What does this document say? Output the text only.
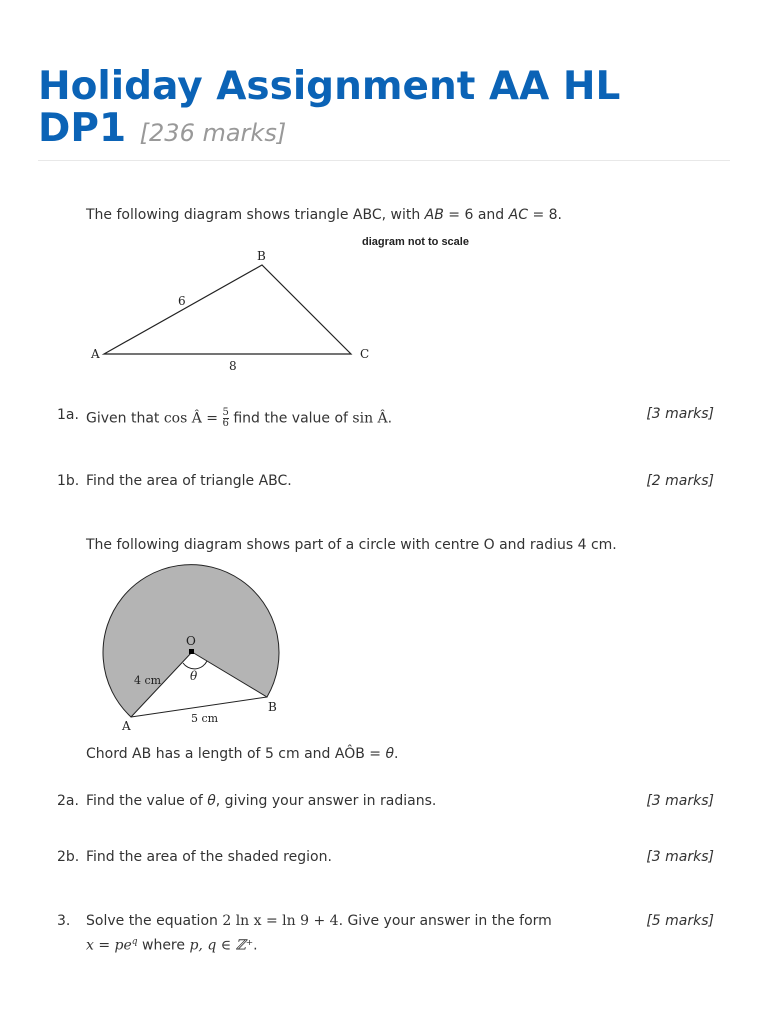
Holiday Assignment AA HL
DP1 [236 marks]
The following diagram shows triangle ABC, with AB = 6 and AC = 8.
diagram not to scale
B
A	C
6
8
1a. Given that cos Â = $\frac{5}{6}$ find the value of sin Â.	[3 marks]
1b. Find the area of triangle ABC.	[2 marks]
The following diagram shows part of a circle with centre O and radius 4 cm.
O
θ
4 cm
5 cm
A
B
Chord AB has a length of 5 cm and AÔB = θ.
2a. Find the value of θ, giving your answer in radians.	[3 marks]
2b. Find the area of the shaded region.	[3 marks]
3. Solve the equation 2 ln x = ln 9 + 4. Give your answer in the form
$x = pe^q$ where p, q ∈ ℤ⁺.
[5 marks]
